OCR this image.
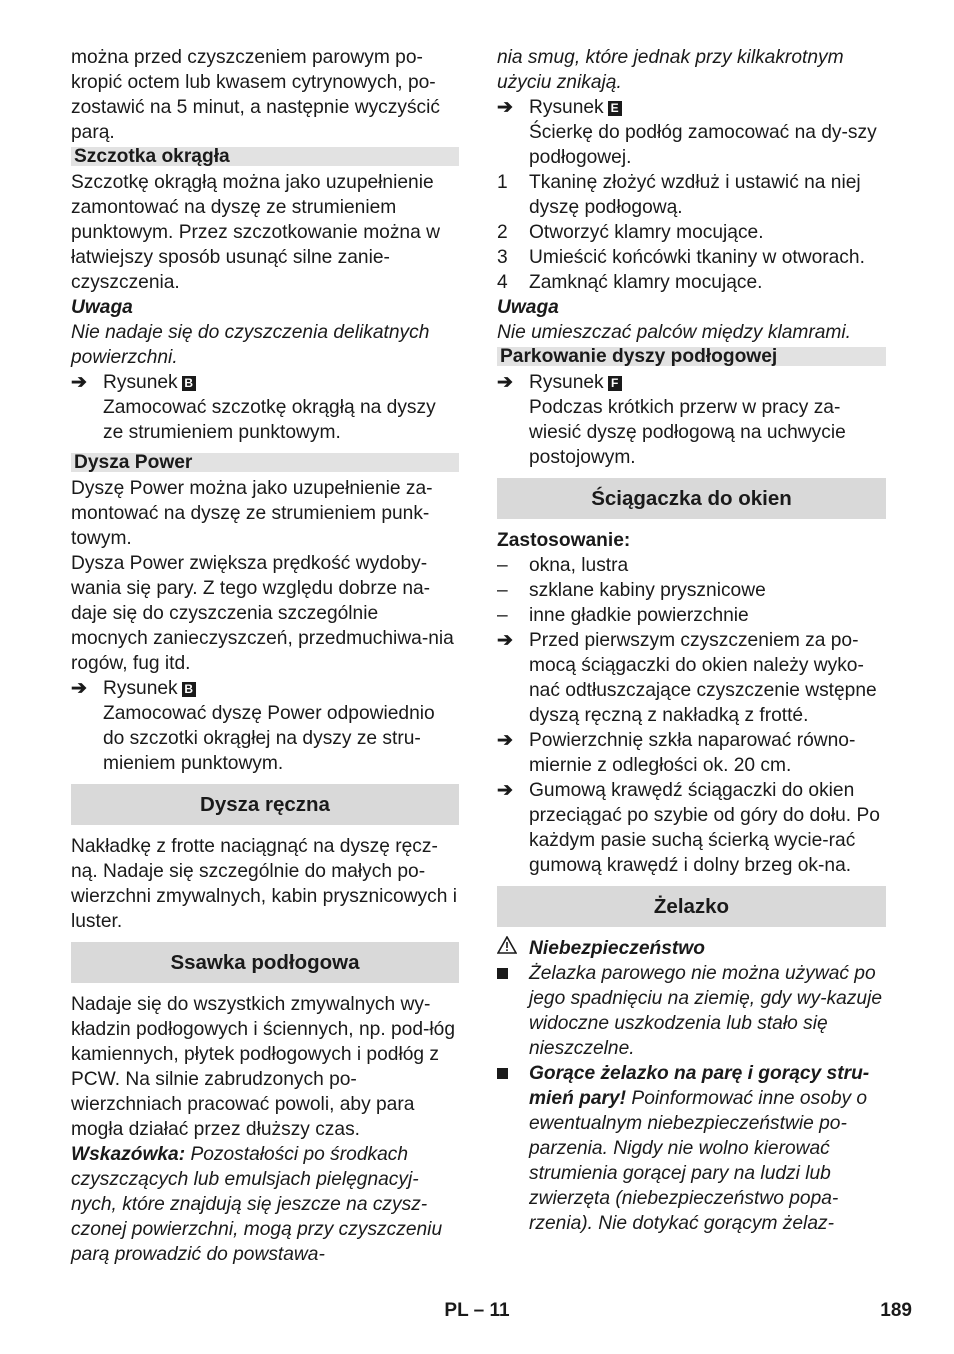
można przed czyszczeniem parowym po-kropić octem lub kwasem cytrynowych, po-zostawić na 5 minut, a następnie wyczyścić parą.
Szczotka okrągła
Szczotkę okrągłą można jako uzupełnienie zamontować na dyszę ze strumieniem punktowym. Przez szczotkowanie można w łatwiejszy sposób usunąć silne zanie-czyszczenia.
Uwaga
Nie nadaje się do czyszczenia delikatnych powierzchni.
➔ Rysunek B
Zamocować szczotkę okrągłą na dyszy ze strumieniem punktowym.
Dysza Power
Dyszę Power można jako uzupełnienie za-montować na dyszę ze strumieniem punk-towym.
Dysza Power zwiększa prędkość wydoby-wania się pary. Z tego względu dobrze na-daje się do czyszczenia szczególnie mocnych zanieczyszczeń, przedmuchiwa-nia rogów, fug itd.
➔ Rysunek B
Zamocować dyszę Power odpowiednio do szczotki okrągłej na dyszy ze stru-mieniem punktowym.
Dysza ręczna
Nakładkę z frotte naciągnąć na dyszę ręcz-ną. Nadaje się szczególnie do małych po-wierzchni zmywalnych, kabin prysznicowych i luster.
Ssawka podłogowa
Nadaje się do wszystkich zmywalnych wy-kładzin podłogowych i ściennych, np. pod-łóg kamiennych, płytek podłogowych i podłóg z PCW. Na silnie zabrudzonych po-wierzchniach pracować powoli, aby para mogła działać przez dłuższy czas.
Wskazówka: Pozostałości po środkach czyszczących lub emulsjach pielęgnacyj-nych, które znajdują się jeszcze na czysz-czonej powierzchni, mogą przy czyszczeniu parą prowadzić do powstawa-
nia smug, które jednak przy kilkakrotnym użyciu znikają.
➔ Rysunek E
Ścierkę do podłóg zamocować na dy-szy podłogowej.
1	Tkaninę złożyć wzdłuż i ustawić na niej dyszę podłogową.
2	Otworzyć klamry mocujące.
3	Umieścić końcówki tkaniny w otworach.
4	Zamknąć klamry mocujące.
Uwaga
Nie umieszczać palców między klamrami.
Parkowanie dyszy podłogowej
➔ Rysunek F
Podczas krótkich przerw w pracy za-wiesić dyszę podłogową na uchwycie postojowym.
Ściągaczka do okien
Zastosowanie:
–	okna, lustra
–	szklane kabiny prysznicowe
–	inne gładkie powierzchnie
➔ Przed pierwszym czyszczeniem za po-mocą ściągaczki do okien należy wyko-nać odtłuszczające czyszczenie wstępne dyszą ręczną z nakładką z frotté.
➔ Powierzchnię szkła naparować równo-miernie z odległości ok. 20 cm.
➔ Gumową krawędź ściągaczki do okien przeciągać po szybie od góry do dołu. Po każdym pasie suchą ścierką wycie-rać gumową krawędź i dolny brzeg ok-na.
Żelazko
Niebezpieczeństwo
Żelazka parowego nie można używać po jego spadnięciu na ziemię, gdy wy-kazuje widoczne uszkodzenia lub stało się nieszczelne.
Gorące żelazko na parę i gorący stru-mień pary! Poinformować inne osoby o ewentualnym niebezpieczeństwie po-parzenia. Nigdy nie wolno kierować strumienia gorącej pary na ludzi lub zwierzęta (niebezpieczeństwo popa-rzenia). Nie dotykać gorącym żelaz-
PL – 11	189
